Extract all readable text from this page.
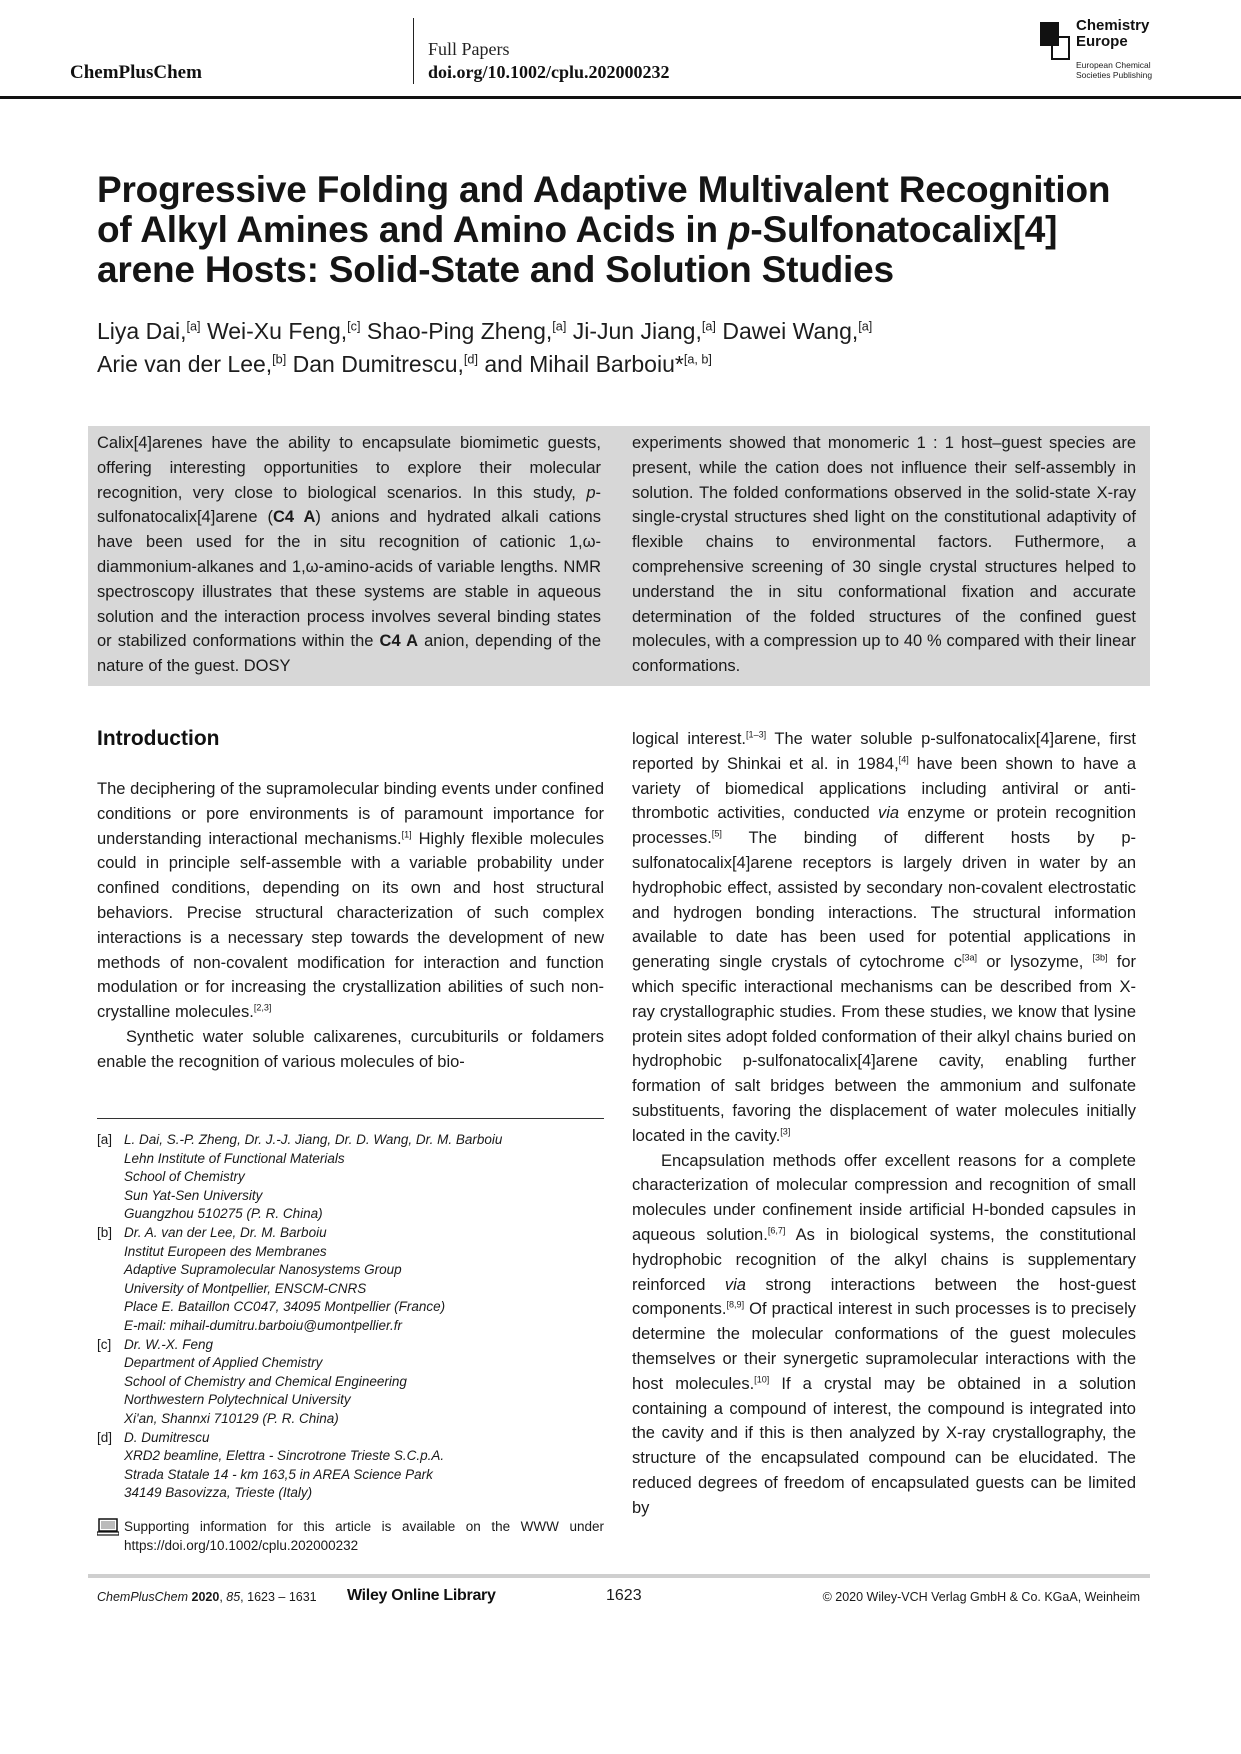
ChemPlusChem
Full Papers
doi.org/10.1002/cplu.202000232
Chemistry
Europe
European Chemical
Societies Publishing
Progressive Folding and Adaptive Multivalent Recognition
of Alkyl Amines and Amino Acids in p-Sulfonatocalix[4]
arene Hosts: Solid-State and Solution Studies
Liya Dai,[a] Wei-Xu Feng,[c] Shao-Ping Zheng,[a] Ji-Jun Jiang,[a] Dawei Wang,[a]
Arie van der Lee,[b] Dan Dumitrescu,[d] and Mihail Barboiu*[a, b]
Calix[4]arenes have the ability to encapsulate biomimetic guests, offering interesting opportunities to explore their molecular recognition, very close to biological scenarios. In this study, p-sulfonatocalix[4]arene (C4 A) anions and hydrated alkali cations have been used for the in situ recognition of cationic 1,ω-diammonium-alkanes and 1,ω-amino-acids of variable lengths. NMR spectroscopy illustrates that these systems are stable in aqueous solution and the interaction process involves several binding states or stabilized conformations within the C4 A anion, depending of the nature of the guest. DOSY
experiments showed that monomeric 1 : 1 host–guest species are present, while the cation does not influence their self-assembly in solution. The folded conformations observed in the solid-state X-ray single-crystal structures shed light on the constitutional adaptivity of flexible chains to environmental factors. Futhermore, a comprehensive screening of 30 single crystal structures helped to understand the in situ conformational fixation and accurate determination of the folded structures of the confined guest molecules, with a compression up to 40 % compared with their linear conformations.
Introduction

The deciphering of the supramolecular binding events under confined conditions or pore environments is of paramount importance for understanding interactional mechanisms.[1] Highly flexible molecules could in principle self-assemble with a variable probability under confined conditions, depending on its own and host structural behaviors. Precise structural characterization of such complex interactions is a necessary step towards the development of new methods of non-covalent modification for interaction and function modulation or for increasing the crystallization abilities of such non-crystalline molecules.[2,3]

Synthetic water soluble calixarenes, curcubiturils or foldamers enable the recognition of various molecules of bio-

[a] L. Dai, S.-P. Zheng, Dr. J.-J. Jiang, Dr. D. Wang, Dr. M. Barboiu
Lehn Institute of Functional Materials
School of Chemistry
Sun Yat-Sen University
Guangzhou 510275 (P. R. China)
[b] Dr. A. van der Lee, Dr. M. Barboiu
Institut Europeen des Membranes
Adaptive Supramolecular Nanosystems Group
University of Montpellier, ENSCM-CNRS
Place E. Bataillon CC047, 34095 Montpellier (France)
E-mail: mihail-dumitru.barboiu@umontpellier.fr
[c] Dr. W.-X. Feng
Department of Applied Chemistry
School of Chemistry and Chemical Engineering
Northwestern Polytechnical University
Xi'an, Shannxi 710129 (P. R. China)
[d] D. Dumitrescu
XRD2 beamline, Elettra - Sincrotrone Trieste S.C.p.A.
Strada Statale 14 - km 163,5 in AREA Science Park
34149 Basovizza, Trieste (Italy)
Supporting information for this article is available on the WWW under https://doi.org/10.1002/cplu.202000232

logical interest.[1–3] The water soluble p-sulfonatocalix[4]arene, first reported by Shinkai et al. in 1984,[4] have been shown to have a variety of biomedical applications including antiviral or anti-thrombotic activities, conducted via enzyme or protein recognition processes.[5] The binding of different hosts by p-sulfonatocalix[4]arene receptors is largely driven in water by an hydrophobic effect, assisted by secondary non-covalent electrostatic and hydrogen bonding interactions. The structural information available to date has been used for potential applications in generating single crystals of cytochrome c[3a] or lysozyme, [3b] for which specific interactional mechanisms can be described from X-ray crystallographic studies. From these studies, we know that lysine protein sites adopt folded conformation of their alkyl chains buried on hydrophobic p-sulfonatocalix[4]arene cavity, enabling further formation of salt bridges between the ammonium and sulfonate substituents, favoring the displacement of water molecules initially located in the cavity.[3]

Encapsulation methods offer excellent reasons for a complete characterization of molecular compression and recognition of small molecules under confinement inside artificial H-bonded capsules in aqueous solution.[6,7] As in biological systems, the constitutional hydrophobic recognition of the alkyl chains is supplementary reinforced via strong interactions between the host-guest components.[8,9] Of practical interest in such processes is to precisely determine the molecular conformations of the guest molecules themselves or their synergetic supramolecular interactions with the host molecules.[10] If a crystal may be obtained in a solution containing a compound of interest, the compound is integrated into the cavity and if this is then analyzed by X-ray crystallography, the structure of the encapsulated compound can be elucidated. The reduced degrees of freedom of encapsulated guests can be limited by

ChemPlusChem 2020, 85, 1623 – 1631 Wiley Online Library	1623	© 2020 Wiley-VCH Verlag GmbH & Co. KGaA, Weinheim
